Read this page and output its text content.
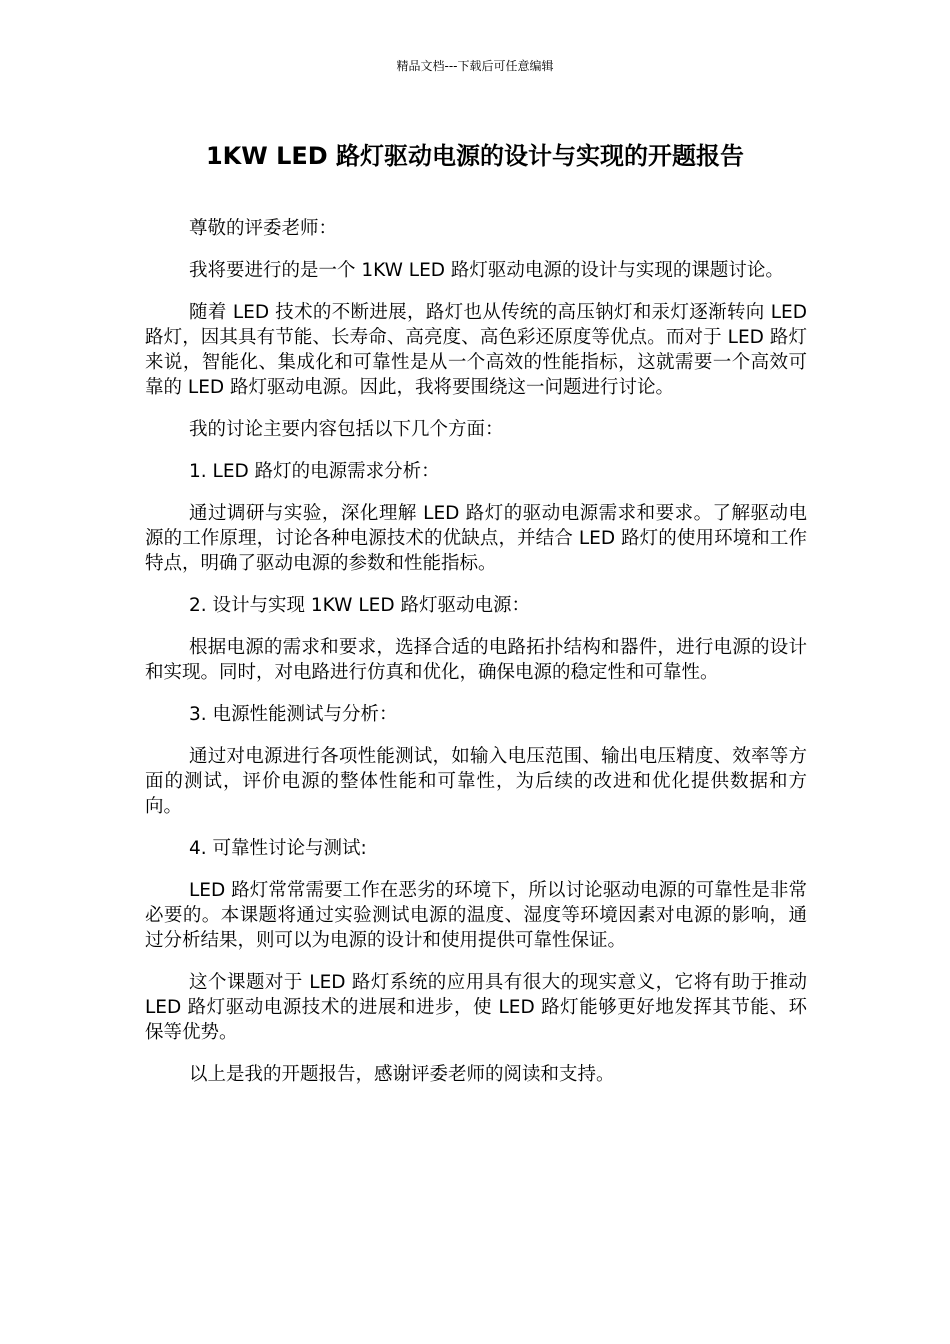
精品文档---下载后可任意编辑
1KW LED 路灯驱动电源的设计与实现的开题报告

尊敬的评委老师：

我将要进行的是一个 1KW LED 路灯驱动电源的设计与实现的课题讨论。

随着 LED 技术的不断进展，路灯也从传统的高压钠灯和汞灯逐渐转向 LED 路灯，因其具有节能、长寿命、高亮度、高色彩还原度等优点。而对于 LED 路灯来说，智能化、集成化和可靠性是从一个高效的性能指标，这就需要一个高效可靠的 LED 路灯驱动电源。因此，我将要围绕这一问题进行讨论。

我的讨论主要内容包括以下几个方面：

1. LED 路灯的电源需求分析：

通过调研与实验，深化理解 LED 路灯的驱动电源需求和要求。了解驱动电源的工作原理，讨论各种电源技术的优缺点，并结合 LED 路灯的使用环境和工作特点，明确了驱动电源的参数和性能指标。

2. 设计与实现 1KW LED 路灯驱动电源：

根据电源的需求和要求，选择合适的电路拓扑结构和器件，进行电源的设计和实现。同时，对电路进行仿真和优化，确保电源的稳定性和可靠性。

3. 电源性能测试与分析：

通过对电源进行各项性能测试，如输入电压范围、输出电压精度、效率等方面的测试，评价电源的整体性能和可靠性，为后续的改进和优化提供数据和方向。

4. 可靠性讨论与测试:

LED 路灯常常需要工作在恶劣的环境下，所以讨论驱动电源的可靠性是非常必要的。本课题将通过实验测试电源的温度、湿度等环境因素对电源的影响，通过分析结果，则可以为电源的设计和使用提供可靠性保证。

这个课题对于 LED 路灯系统的应用具有很大的现实意义，它将有助于推动 LED 路灯驱动电源技术的进展和进步，使 LED 路灯能够更好地发挥其节能、环保等优势。

以上是我的开题报告，感谢评委老师的阅读和支持。
